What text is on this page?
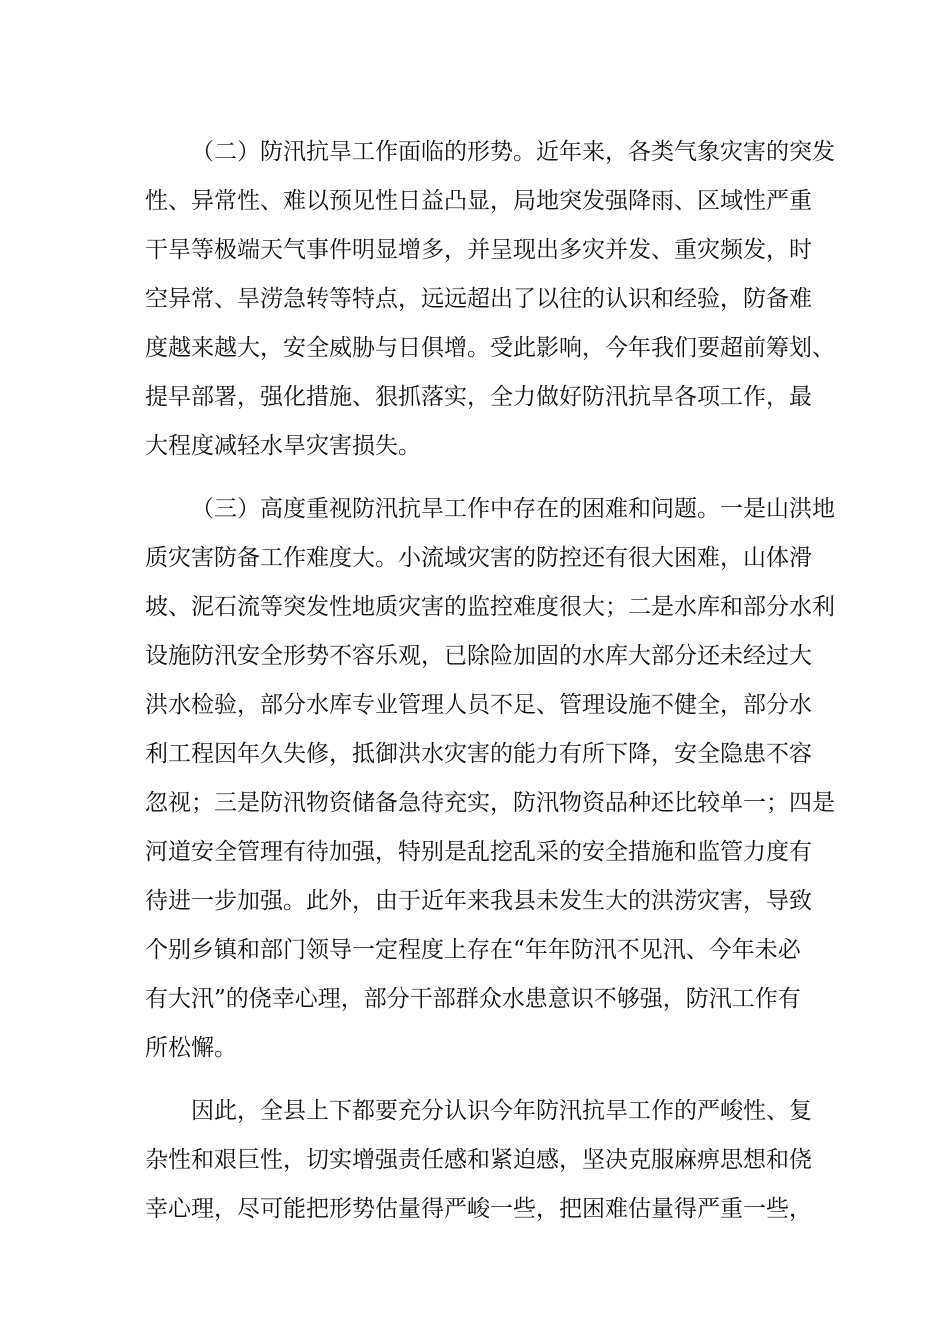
（二）防汛抗旱工作面临的形势。近年来，各类气象灾害的突发
性、异常性、难以预见性日益凸显，局地突发强降雨、区域性严重
干旱等极端天气事件明显增多，并呈现出多灾并发、重灾频发，时
空异常、旱涝急转等特点，远远超出了以往的认识和经验，防备难
度越来越大，安全威胁与日俱增。受此影响，今年我们要超前筹划、
提早部署，强化措施、狠抓落实，全力做好防汛抗旱各项工作，最
大程度减轻水旱灾害损失。
（三）高度重视防汛抗旱工作中存在的困难和问题。一是山洪地
质灾害防备工作难度大。小流域灾害的防控还有很大困难，山体滑
坡、泥石流等突发性地质灾害的监控难度很大；二是水库和部分水利
设施防汛安全形势不容乐观，已除险加固的水库大部分还未经过大
洪水检验，部分水库专业管理人员不足、管理设施不健全，部分水
利工程因年久失修，抵御洪水灾害的能力有所下降，安全隐患不容
忽视；三是防汛物资储备急待充实，防汛物资品种还比较单一；四是
河道安全管理有待加强，特别是乱挖乱采的安全措施和监管力度有
待进一步加强。此外，由于近年来我县未发生大的洪涝灾害，导致
个别乡镇和部门领导一定程度上存在“年年防汛不见汛、今年未必
有大汛”的侥幸心理，部分干部群众水患意识不够强，防汛工作有
所松懈。
因此，全县上下都要充分认识今年防汛抗旱工作的严峻性、复
杂性和艰巨性，切实增强责任感和紧迫感，坚决克服麻痹思想和侥
幸心理，尽可能把形势估量得严峻一些，把困难估量得严重一些，
